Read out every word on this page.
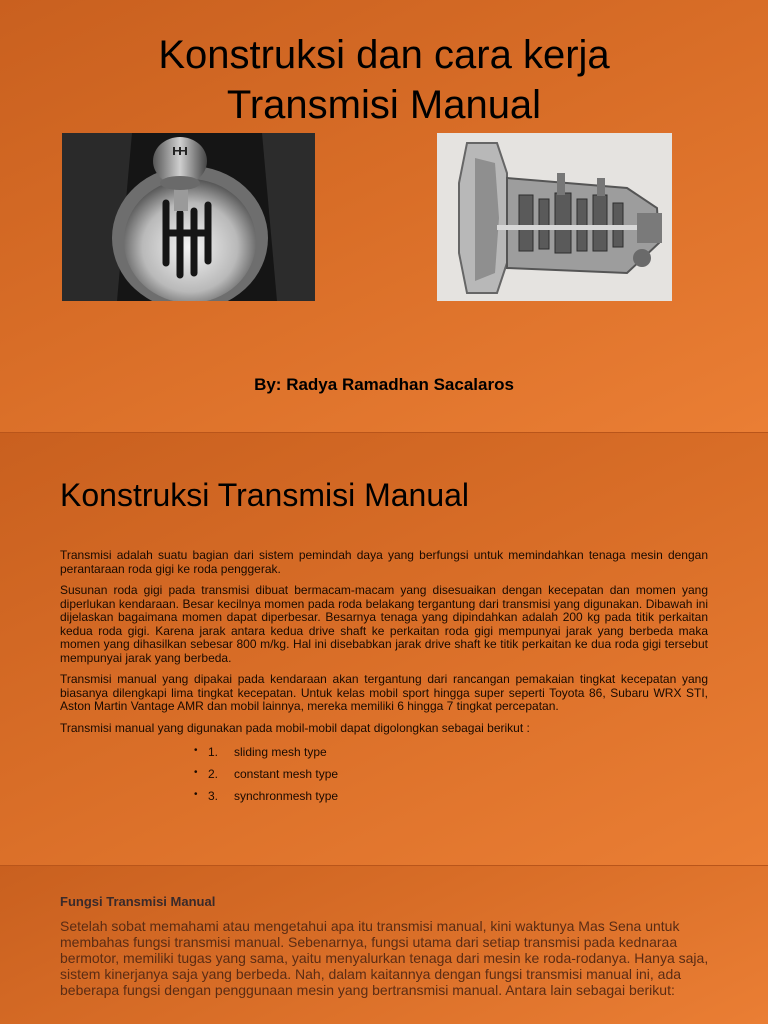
Konstruksi dan cara kerja
Transmisi Manual
By: Radya Ramadhan Sacalaros
Konstruksi Transmisi Manual

Transmisi adalah suatu bagian dari sistem pemindah daya yang berfungsi untuk memindahkan tenaga mesin dengan perantaraan roda gigi ke roda penggerak.

Susunan roda gigi pada transmisi dibuat bermacam-macam yang disesuaikan dengan kecepatan dan momen yang diperlukan kendaraan. Besar kecilnya momen pada roda belakang tergantung dari transmisi yang digunakan. Dibawah ini dijelaskan bagaimana momen dapat diperbesar. Besarnya tenaga yang dipindahkan adalah 200 kg pada titik perkaitan kedua roda gigi. Karena jarak antara kedua drive shaft ke perkaitan roda gigi mempunyai jarak yang berbeda maka momen yang dihasilkan sebesar 800 m/kg. Hal ini disebabkan jarak drive shaft ke titik perkaitan ke dua roda gigi tersebut mempunyai jarak yang berbeda.

Transmisi manual yang dipakai pada kendaraan akan tergantung dari rancangan pemakaian tingkat kecepatan yang biasanya dilengkapi lima tingkat kecepatan. Untuk kelas mobil sport hingga super seperti Toyota 86, Subaru WRX STI, Aston Martin Vantage AMR dan mobil lainnya, mereka memiliki 6 hingga 7 tingkat percepatan.

Transmisi manual yang digunakan pada mobil-mobil dapat digolongkan sebagai berikut :

• 1.	sliding mesh type
• 2.	constant mesh type
• 3.	synchronmesh type
Fungsi Transmisi Manual

Setelah sobat memahami atau mengetahui apa itu transmisi manual, kini waktunya Mas Sena untuk membahas fungsi transmisi manual. Sebenarnya, fungsi utama dari setiap transmisi pada kednaraa bermotor, memiliki tugas yang sama, yaitu menyalurkan tenaga dari mesin ke roda-rodanya. Hanya saja, sistem kinerjanya saja yang berbeda. Nah, dalam kaitannya dengan fungsi transmisi manual ini, ada beberapa fungsi dengan penggunaan mesin yang bertransmisi manual. Antara lain sebagai berikut:
